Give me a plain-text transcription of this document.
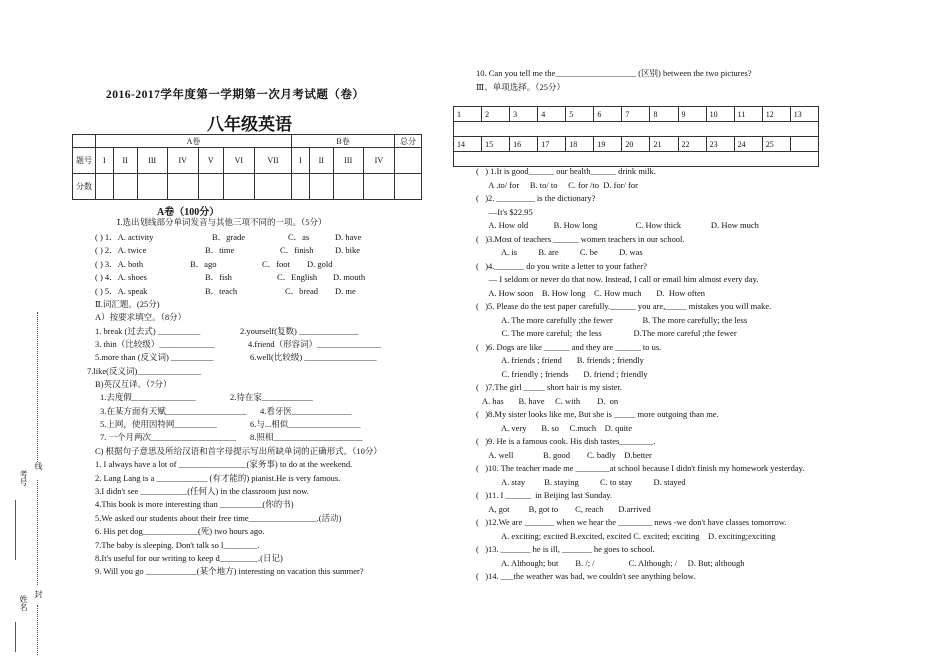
考号
线
姓名
封
2016-2017学年度第一学期第一次月考试题（卷）
八年级英语
	A卷							B卷				总分
题号	I	II	III	IV	V	VI	VII	I	II	III	IV	
分数												
A卷（100分）
Ⅰ.选出划线部分单词发音与其他三项不同的一项。（5分）
( ) 1．A. activity	B．grade	C．as	D. have
( ) 2．A. twice	B．time	C．finish	D. bike
( ) 3．A. both	B．ago	C．foot D. gold
( ) 4．A. shoes	B．fish	C．English D. mouth
( ) 5．A. speak	B．teach	C．bread D. me
Ⅱ.词汇题。(25分)
A）按要求填空。（8分）
1. break (过去式) __________	2.yourself(复数) ______________
3. thin（比较级）_____________	4.friend（形容词）_______________
5.more than (反义词) __________	6.well(比较级) _________________
7.like(反义词)_______________
B)英汉互译。（7分）
1.去度假_______________	2.待在家____________
3.在某方面有天赋___________________ 4.看牙医______________
5.上网，使用因特网__________	6.与...相似_________________
7. 一个月两次____________________ 8.照相_____________________
C) 根据句子意思及所给汉语和首字母提示写出所缺单词的正确形式。（10分）
1. I always have a lot of ________________(家务事) to do at the weekend.
2. Lang Lang is a ____________ (有才能的) pianist.He is very famous.
3.I didn't see ___________(任何人) in the classroom just now.
4.This book is more interesting than __________(你的书)
5.We asked our students about their free time________________.(活动)
6. His pet dog_____________(死) two hours ago.
7.The baby is sleeping. Don't talk so l________.
8.It's useful for our writing to keep d_________.(日记)
9. Will you go ____________(某个地方) interesting on vacation this summer?
10. Can you tell me the___________________ (区别) between the two pictures?
Ⅲ、单项选择。（25分）
1	2	3	4	5	6	7	8	9	10	11	12	13

14	15	16	17	18	19	20	21	22	23	24	25	

(   ) 1.It is good______ our health______ drink milk.
A .to/ for     B. to/ to     C. for /to  D. for/ for
(   )2. _________ is the dictionary?
—It's $22.95
A. How old            B. How long                  C. How thick              D. How much
(   )3.Most of teachers ______ women teachers in our school.
A. is          B. are          C. be          D. was
(   )4._______ do you write a letter to your father?
— I seldom or never do that now. Instead, I call or email him almost every day.
A. How soon    B. How long    C. How much       D.  How often
(   )5. Please do the test paper carefully.______ you are,_____ mistakes you will make.
A. The more carefully ;the fewer              B. The more carefully; the less
C. The more careful;  the less               D.The more careful ;the fewer
(   )6. Dogs are like ______ and they are ______ to us.
A. friends ; friend       B. friends ; friendly
C. friendly ; friends       D. friend ; friendly
(   )7.The girl _____ short hair is my sister.
A. has       B. have     C. with        D.  on
(   )8.My sister looks like me, But she is _____ more outgoing than me.
A. very       B. so     C.much    D. quite
(   )9. He is a famous cook. His dish tastes________.
A. well              B. good        C. badly    D.better
(   )10. The teacher made me ________at school because I didn't finish my homework yesterday.
A. stay         B. staying          C. to stay          D. stayed
(   )11. I ______  in Beijing last Sunday.
A, got         B, got to        C, reach       D.arrived
(   )12.We are _______ when we hear the ________ news -we don't have classes tomorrow.
A. exciting; excited B.excited, excited C. excited; exciting    D. exciting;exciting
(   )13. _______ he is ill, _______ he goes to school.
A. Although; but        B. /; /                C. Although; /     D. But; although
(   )14. ___the weather was bad, we couldn't see anything below.
